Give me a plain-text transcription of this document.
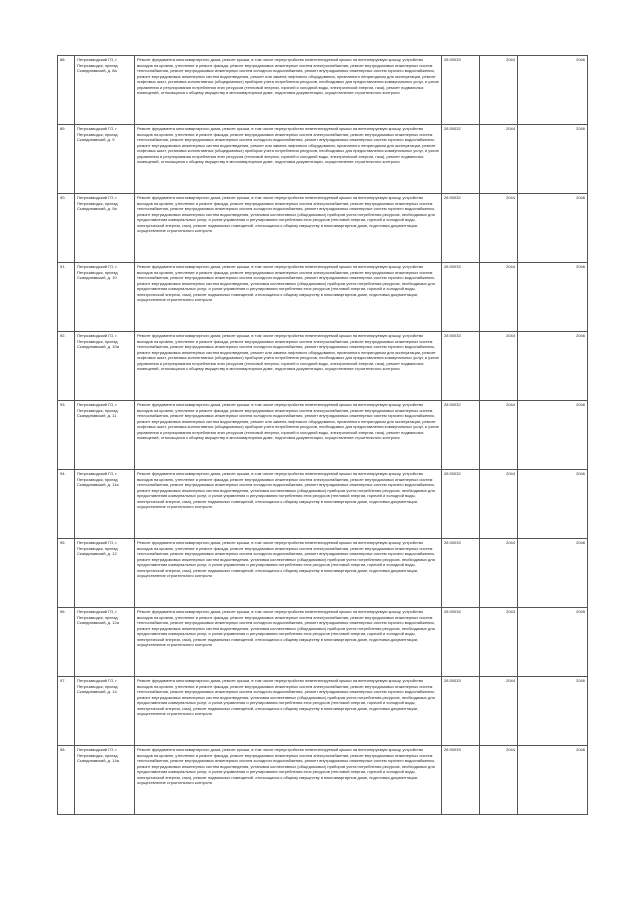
88.	Петрозаводский ГО, г. Петрозаводск, проезд Скандинавский, д. 8а	Ремонт фундамента многоквартирного дома, ремонт крыши, в том числе переустройство невентилируемой крыши на вентилируемую крышу, устройство выходов на кровлю, утепление и ремонт фасада, ремонт внутридомовых инженерных систем электроснабжения, ремонт внутридомовых инженерных систем теплоснабжения, ремонт внутридомовых инженерных систем холодного водоснабжения, ремонт внутридомовых инженерных систем горячего водоснабжения, ремонт внутридомовых инженерных систем водоотведения, ремонт или замена лифтового оборудования, признанного непригодным для эксплуатации, ремонт лифтовых шахт, установка коллективных (общедомовых) приборов учета потребления ресурсов, необходимых для предоставления коммунальных услуг, и узлов управления и регулирования потребления этих ресурсов (тепловой энергии, горячей и холодной воды, электрической энергии, газа), ремонт подвальных помещений, относящихся к общему имуществу в многоквартирном доме, подготовка документации, осуществление строительного контроля	28 50033	2044	2046
89.	Петрозаводский ГО, г. Петрозаводск, проезд Скандинавский, д. 9	Ремонт фундамента многоквартирного дома, ремонт крыши, в том числе переустройство невентилируемой крыши на вентилируемую крышу, устройство выходов на кровлю, утепление и ремонт фасада, ремонт внутридомовых инженерных систем электроснабжения, ремонт внутридомовых инженерных систем теплоснабжения, ремонт внутридомовых инженерных систем холодного водоснабжения, ремонт внутридомовых инженерных систем горячего водоснабжения, ремонт внутридомовых инженерных систем водоотведения, ремонт или замена лифтового оборудования, признанного непригодным для эксплуатации, ремонт лифтовых шахт, установка коллективных (общедомовых) приборов учета потребления ресурсов, необходимых для предоставления коммунальных услуг, и узлов управления и регулирования потребления этих ресурсов (тепловой энергии, горячей и холодной воды, электрической энергии, газа), ремонт подвальных помещений, относящихся к общему имуществу в многоквартирном доме, подготовка документации, осуществление строительного контроля	28 50032	2044	2046
90.	Петрозаводский ГО, г. Петрозаводск, проезд Скандинавский, д. 9а	Ремонт фундамента многоквартирного дома, ремонт крыши, в том числе переустройство невентилируемой крыши на вентилируемую крышу, устройство выходов на кровлю, утепление и ремонт фасада, ремонт внутридомовых инженерных систем электроснабжения, ремонт внутридомовых инженерных систем теплоснабжения, ремонт внутридомовых инженерных систем холодного водоснабжения, ремонт внутридомовых инженерных систем горячего водоснабжения, ремонт внутридомовых инженерных систем водоотведения, установка коллективных (общедомовых) приборов учета потребления ресурсов, необходимых для предоставления коммунальных услуг, и узлов управления и регулирования потребления этих ресурсов (тепловой энергии, горячей и холодной воды, электрической энергии, газа), ремонт подвальных помещений, относящихся к общему имуществу в многоквартирном доме, подготовка документации, осуществление строительного контроля	28 50032	2044	2046
91.	Петрозаводский ГО, г. Петрозаводск, проезд Скандинавский, д. 10	Ремонт фундамента многоквартирного дома, ремонт крыши, в том числе переустройство невентилируемой крыши на вентилируемую крышу, устройство выходов на кровлю, утепление и ремонт фасада, ремонт внутридомовых инженерных систем электроснабжения, ремонт внутридомовых инженерных систем теплоснабжения, ремонт внутридомовых инженерных систем холодного водоснабжения, ремонт внутридомовых инженерных систем горячего водоснабжения, ремонт внутридомовых инженерных систем водоотведения, установка коллективных (общедомовых) приборов учета потребления ресурсов, необходимых для предоставления коммунальных услуг, и узлов управления и регулирования потребления этих ресурсов (тепловой энергии, горячей и холодной воды, электрической энергии, газа), ремонт подвальных помещений, относящихся к общему имуществу в многоквартирном доме, подготовка документации, осуществление строительного контроля	28 50033	2044	2046
92.	Петрозаводский ГО, г. Петрозаводск, проезд Скандинавский, д. 10а	Ремонт фундамента многоквартирного дома, ремонт крыши, в том числе переустройство невентилируемой крыши на вентилируемую крышу, устройство выходов на кровлю, утепление и ремонт фасада, ремонт внутридомовых инженерных систем электроснабжения, ремонт внутридомовых инженерных систем теплоснабжения, ремонт внутридомовых инженерных систем холодного водоснабжения, ремонт внутридомовых инженерных систем горячего водоснабжения, ремонт внутридомовых инженерных систем водоотведения, ремонт или замена лифтового оборудования, признанного непригодным для эксплуатации, ремонт лифтовых шахт, установка коллективных (общедомовых) приборов учета потребления ресурсов, необходимых для предоставления коммунальных услуг, и узлов управления и регулирования потребления этих ресурсов (тепловой энергии, горячей и холодной воды, электрической энергии, газа), ремонт подвальных помещений, относящихся к общему имуществу в многоквартирном доме, подготовка документации, осуществление строительного контроля	28 50033	2044	2046
93.	Петрозаводский ГО, г. Петрозаводск, проезд Скандинавский, д. 11	Ремонт фундамента многоквартирного дома, ремонт крыши, в том числе переустройство невентилируемой крыши на вентилируемую крышу, устройство выходов на кровлю, утепление и ремонт фасада, ремонт внутридомовых инженерных систем электроснабжения, ремонт внутридомовых инженерных систем теплоснабжения, ремонт внутридомовых инженерных систем холодного водоснабжения, ремонт внутридомовых инженерных систем горячего водоснабжения, ремонт внутридомовых инженерных систем водоотведения, ремонт или замена лифтового оборудования, признанного непригодным для эксплуатации, ремонт лифтовых шахт, установка коллективных (общедомовых) приборов учета потребления ресурсов, необходимых для предоставления коммунальных услуг, и узлов управления и регулирования потребления этих ресурсов (тепловой энергии, горячей и холодной воды, электрической энергии, газа), ремонт подвальных помещений, относящихся к общему имуществу в многоквартирном доме, подготовка документации, осуществление строительного контроля	28 50032	2044	2046
94.	Петрозаводский ГО, г. Петрозаводск, проезд Скандинавский, д. 11а	Ремонт фундамента многоквартирного дома, ремонт крыши, в том числе переустройство невентилируемой крыши на вентилируемую крышу, устройство выходов на кровлю, утепление и ремонт фасада, ремонт внутридомовых инженерных систем электроснабжения, ремонт внутридомовых инженерных систем теплоснабжения, ремонт внутридомовых инженерных систем холодного водоснабжения, ремонт внутридомовых инженерных систем горячего водоснабжения, ремонт внутридомовых инженерных систем водоотведения, установка коллективных (общедомовых) приборов учета потребления ресурсов, необходимых для предоставления коммунальных услуг, и узлов управления и регулирования потребления этих ресурсов (тепловой энергии, горячей и холодной воды, электрической энергии, газа), ремонт подвальных помещений, относящихся к общему имуществу в многоквартирном доме, подготовка документации, осуществление строительного контроля	28 50032	2044	2046
95.	Петрозаводский ГО, г. Петрозаводск, проезд Скандинавский, д. 12	Ремонт фундамента многоквартирного дома, ремонт крыши, в том числе переустройство невентилируемой крыши на вентилируемую крышу, устройство выходов на кровлю, утепление и ремонт фасада, ремонт внутридомовых инженерных систем электроснабжения, ремонт внутридомовых инженерных систем теплоснабжения, ремонт внутридомовых инженерных систем холодного водоснабжения, ремонт внутридомовых инженерных систем горячего водоснабжения, ремонт внутридомовых инженерных систем водоотведения, установка коллективных (общедомовых) приборов учета потребления ресурсов, необходимых для предоставления коммунальных услуг, и узлов управления и регулирования потребления этих ресурсов (тепловой энергии, горячей и холодной воды, электрической энергии, газа), ремонт подвальных помещений, относящихся к общему имуществу в многоквартирном доме, подготовка документации, осуществление строительного контроля	28 50033	2044	2046
96.	Петрозаводский ГО, г. Петрозаводск, проезд Скандинавский, д. 12а	Ремонт фундамента многоквартирного дома, ремонт крыши, в том числе переустройство невентилируемой крыши на вентилируемую крышу, устройство выходов на кровлю, утепление и ремонт фасада, ремонт внутридомовых инженерных систем электроснабжения, ремонт внутридомовых инженерных систем теплоснабжения, ремонт внутридомовых инженерных систем холодного водоснабжения, ремонт внутридомовых инженерных систем горячего водоснабжения, ремонт внутридомовых инженерных систем водоотведения, установка коллективных (общедомовых) приборов учета потребления ресурсов, необходимых для предоставления коммунальных услуг, и узлов управления и регулирования потребления этих ресурсов (тепловой энергии, горячей и холодной воды, электрической энергии, газа), ремонт подвальных помещений, относящихся к общему имуществу в многоквартирном доме, подготовка документации, осуществление строительного контроля	28 50034	2043	2045
97.	Петрозаводский ГО, г. Петрозаводск, проезд Скандинавский, д. 14	Ремонт фундамента многоквартирного дома, ремонт крыши, в том числе переустройство невентилируемой крыши на вентилируемую крышу, устройство выходов на кровлю, утепление и ремонт фасада, ремонт внутридомовых инженерных систем электроснабжения, ремонт внутридомовых инженерных систем теплоснабжения, ремонт внутридомовых инженерных систем холодного водоснабжения, ремонт внутридомовых инженерных систем горячего водоснабжения, ремонт внутридомовых инженерных систем водоотведения, установка коллективных (общедомовых) приборов учета потребления ресурсов, необходимых для предоставления коммунальных услуг, и узлов управления и регулирования потребления этих ресурсов (тепловой энергии, горячей и холодной воды, электрической энергии, газа), ремонт подвальных помещений, относящихся к общему имуществу в многоквартирном доме, подготовка документации, осуществление строительного контроля	28 50033	2044	2046
98.	Петрозаводский ГО, г. Петрозаводск, проезд Скандинавский, д. 14а	Ремонт фундамента многоквартирного дома, ремонт крыши, в том числе переустройство невентилируемой крыши на вентилируемую крышу, устройство выходов на кровлю, утепление и ремонт фасада, ремонт внутридомовых инженерных систем электроснабжения, ремонт внутридомовых инженерных систем теплоснабжения, ремонт внутридомовых инженерных систем холодного водоснабжения, ремонт внутридомовых инженерных систем горячего водоснабжения, ремонт внутридомовых инженерных систем водоотведения, установка коллективных (общедомовых) приборов учета потребления ресурсов, необходимых для предоставления коммунальных услуг, и узлов управления и регулирования потребления этих ресурсов (тепловой энергии, горячей и холодной воды, электрической энергии, газа), ремонт подвальных помещений, относящихся к общему имуществу в многоквартирном доме, подготовка документации, осуществление строительного контроля	28 50033	2044	2046
